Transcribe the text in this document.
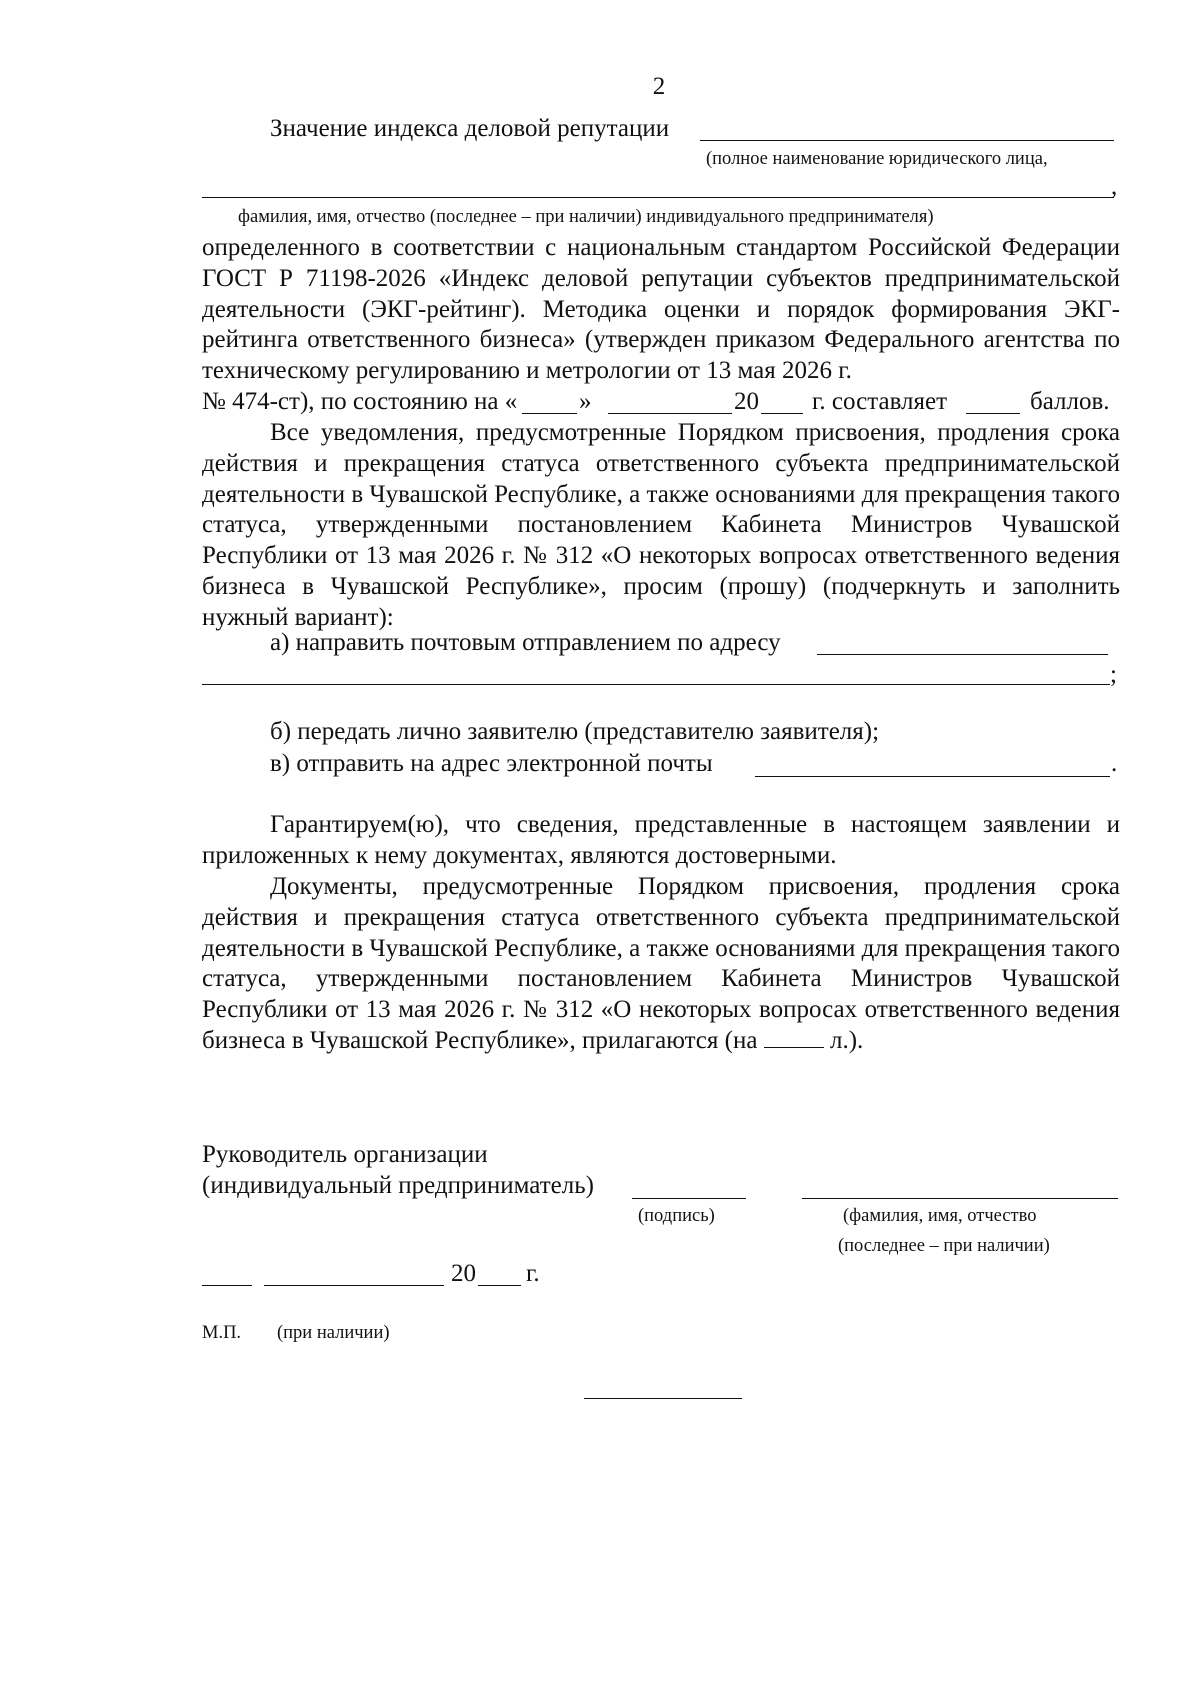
2
Значение индекса деловой репутации
(полное наименование юридического лица,
,
фамилия, имя, отчество (последнее – при наличии) индивидуального предпринимателя)

определенного в соответствии с национальным стандартом Российской Федерации ГОСТ Р 71198-2026 «Индекс деловой репутации субъектов предпринимательской деятельности (ЭКГ-рейтинг). Методика оценки и порядок формирования ЭКГ-рейтинга ответственного бизнеса» (утвержден приказом Федерального агентства по техническому регулированию и метрологии от 13 мая 2026 г.

№ 474-ст), по состоянию на « »	20 г. составляет	баллов.

Все уведомления, предусмотренные Порядком присвоения, продления срока действия и прекращения статуса ответственного субъекта предпринимательской деятельности в Чувашской Республике, а также основаниями для прекращения такого статуса, утвержденными постановлением Кабинета Министров Чувашской Республики от 13 мая 2026 г. № 312 «О некоторых вопросах ответственного ведения бизнеса в Чувашской Республике», просим (прошу) (подчеркнуть и заполнить нужный вариант):

а) направить почтовым отправлением по адресу
;
б) передать лично заявителю (представителю заявителя);
в) отправить на адрес электронной почты	.

Гарантируем(ю), что сведения, представленные в настоящем заявлении и приложенных к нему документах, являются достоверными.

Документы, предусмотренные Порядком присвоения, продления срока действия и прекращения статуса ответственного субъекта предпринимательской деятельности в Чувашской Республике, а также основаниями для прекращения такого статуса, утвержденными постановлением Кабинета Министров Чувашской Республики от 13 мая 2026 г. № 312 «О некоторых вопросах ответственного ведения бизнеса в Чувашской Республике», прилагаются (на	л.).

Руководитель организации
(индивидуальный предприниматель)
(подпись)	(фамилия, имя, отчество
(последнее – при наличии)
20 г.
М.П. (при наличии)
